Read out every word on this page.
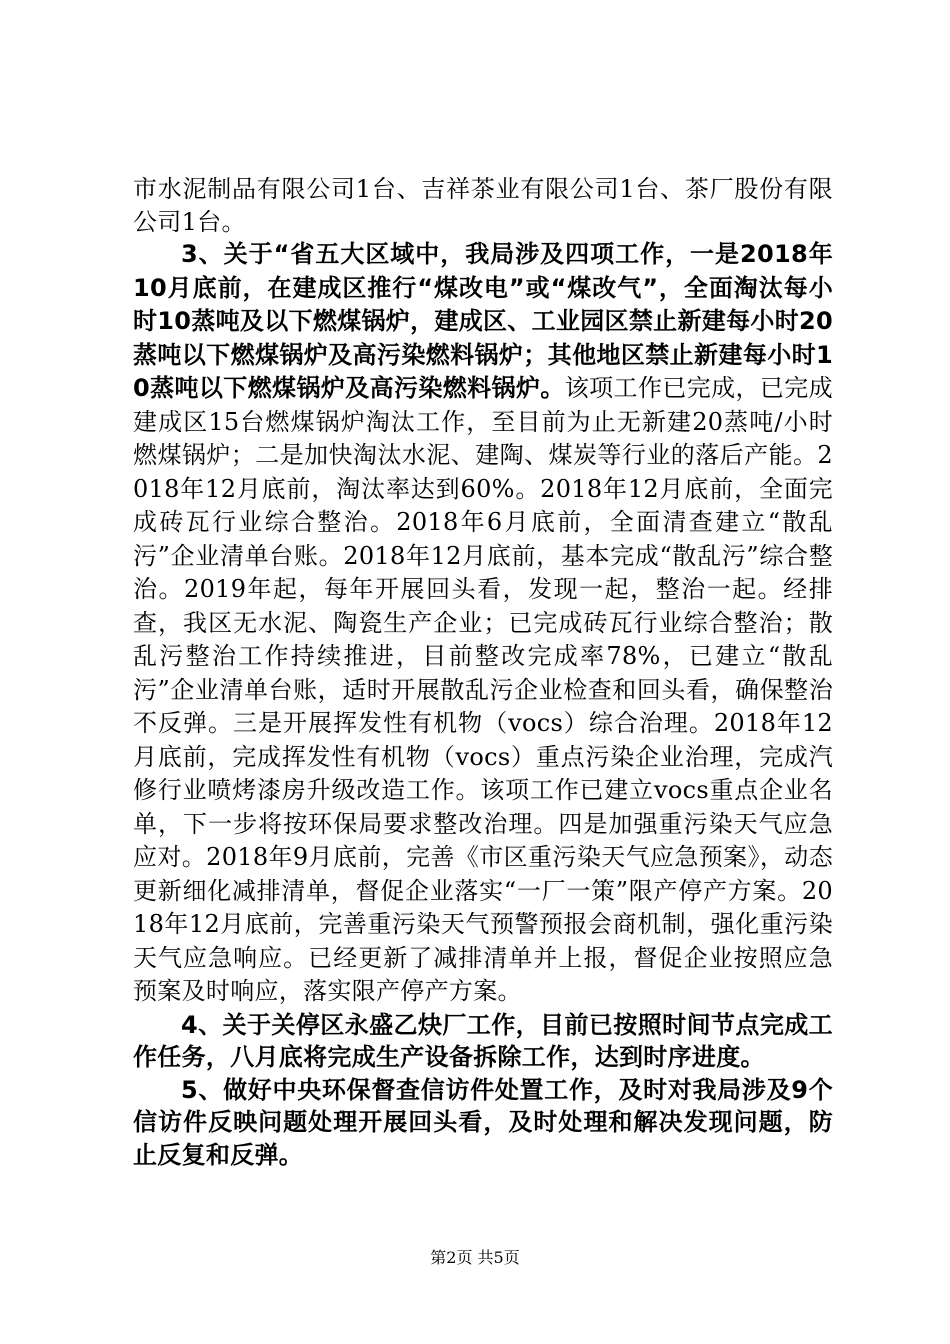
市水泥制品有限公司1台、吉祥茶业有限公司1台、茶厂股份有限公司1台。

3、关于“省五大区域中，我局涉及四项工作，一是2018年10月底前，在建成区推行“煤改电”或“煤改气”，全面淘汰每小时10蒸吨及以下燃煤锅炉，建成区、工业园区禁止新建每小时20蒸吨以下燃煤锅炉及高污染燃料锅炉；其他地区禁止新建每小时10蒸吨以下燃煤锅炉及高污染燃料锅炉。该项工作已完成，已完成建成区15台燃煤锅炉淘汰工作，至目前为止无新建20蒸吨/小时燃煤锅炉；二是加快淘汰水泥、建陶、煤炭等行业的落后产能。2018年12月底前，淘汰率达到60%。2018年12月底前，全面完成砖瓦行业综合整治。2018年6月底前，全面清查建立“散乱污”企业清单台账。2018年12月底前，基本完成“散乱污”综合整治。2019年起，每年开展回头看，发现一起，整治一起。经排查，我区无水泥、陶瓷生产企业；已完成砖瓦行业综合整治；散乱污整治工作持续推进，目前整改完成率78%，已建立“散乱污”企业清单台账，适时开展散乱污企业检查和回头看，确保整治不反弹。三是开展挥发性有机物（vocs）综合治理。2018年12月底前，完成挥发性有机物（vocs）重点污染企业治理，完成汽修行业喷烤漆房升级改造工作。该项工作已建立vocs重点企业名单，下一步将按环保局要求整改治理。四是加强重污染天气应急应对。2018年9月底前，完善《市区重污染天气应急预案》，动态更新细化减排清单，督促企业落实“一厂一策”限产停产方案。2018年12月底前，完善重污染天气预警预报会商机制，强化重污染天气应急响应。已经更新了减排清单并上报，督促企业按照应急预案及时响应，落实限产停产方案。

4、关于关停区永盛乙炔厂工作，目前已按照时间节点完成工作任务，八月底将完成生产设备拆除工作，达到时序进度。

5、做好中央环保督查信访件处置工作，及时对我局涉及9个信访件反映问题处理开展回头看，及时处理和解决发现问题，防止反复和反弹。

第2页 共5页
